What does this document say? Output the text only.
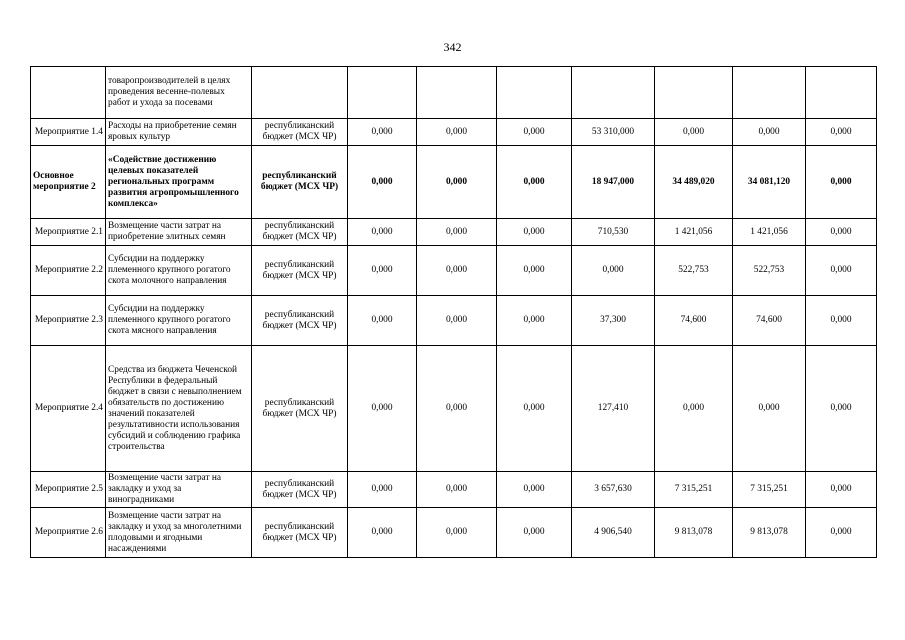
342
	товаропроизводителей в целях проведения весенне-полевых работ и ухода за посевами								
Мероприятие 1.4	Расходы на приобретение семян яровых культур	республиканский бюджет (МСХ ЧР)	0,000	0,000	0,000	53 310,000	0,000	0,000	0,000
Основное мероприятие 2	«Содействие достижению целевых показателей региональных программ развития агропромышленного комплекса»	республиканский бюджет (МСХ ЧР)	0,000	0,000	0,000	18 947,000	34 489,020	34 081,120	0,000
Мероприятие 2.1	Возмещение части затрат на приобретение элитных семян	республиканский бюджет (МСХ ЧР)	0,000	0,000	0,000	710,530	1 421,056	1 421,056	0,000
Мероприятие 2.2	Субсидии на поддержку племенного крупного рогатого скота молочного направления	республиканский бюджет (МСХ ЧР)	0,000	0,000	0,000	0,000	522,753	522,753	0,000
Мероприятие 2.3	Субсидии на поддержку племенного крупного рогатого скота мясного направления	республиканский бюджет (МСХ ЧР)	0,000	0,000	0,000	37,300	74,600	74,600	0,000
Мероприятие 2.4	Средства из бюджета Чеченской Республики в федеральный бюджет в связи с невыполнением обязательств по достижению значений показателей результативности использования субсидий и соблюдению графика строительства	республиканский бюджет (МСХ ЧР)	0,000	0,000	0,000	127,410	0,000	0,000	0,000
Мероприятие 2.5	Возмещение части затрат на закладку и уход за виноградниками	республиканский бюджет (МСХ ЧР)	0,000	0,000	0,000	3 657,630	7 315,251	7 315,251	0,000
Мероприятие 2.6	Возмещение части затрат на закладку и уход за многолетними плодовыми и ягодными насаждениями	республиканский бюджет (МСХ ЧР)	0,000	0,000	0,000	4 906,540	9 813,078	9 813,078	0,000
